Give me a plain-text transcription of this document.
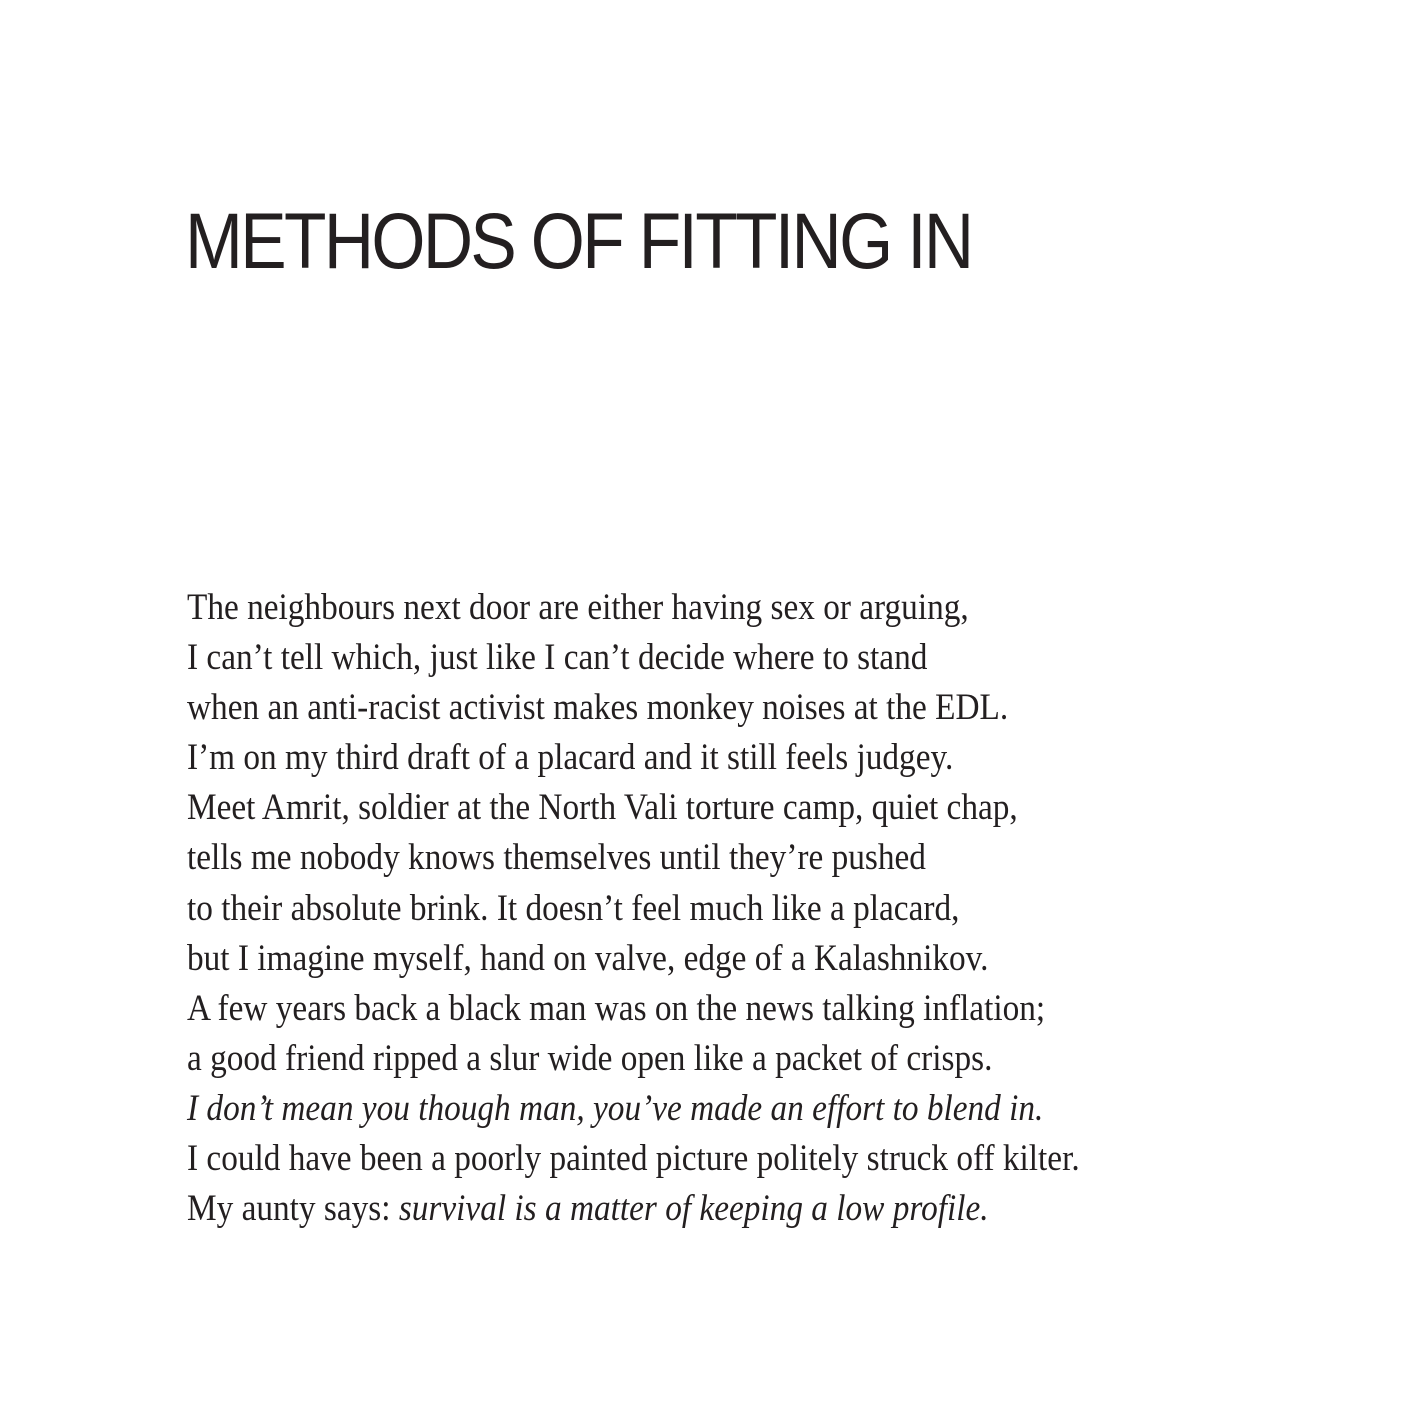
METHODS OF FITTING IN
The neighbours next door are either having sex or arguing,
I can’t tell which, just like I can’t decide where to stand
when an anti-racist activist makes monkey noises at the EDL.
I’m on my third draft of a placard and it still feels judgey.
Meet Amrit, soldier at the North Vali torture camp, quiet chap,
tells me nobody knows themselves until they’re pushed
to their absolute brink. It doesn’t feel much like a placard,
but I imagine myself, hand on valve, edge of a Kalashnikov.
A few years back a black man was on the news talking inflation;
a good friend ripped a slur wide open like a packet of crisps.
I don’t mean you though man, you’ve made an effort to blend in.
I could have been a poorly painted picture politely struck off kilter.
My aunty says: survival is a matter of keeping a low profile.
